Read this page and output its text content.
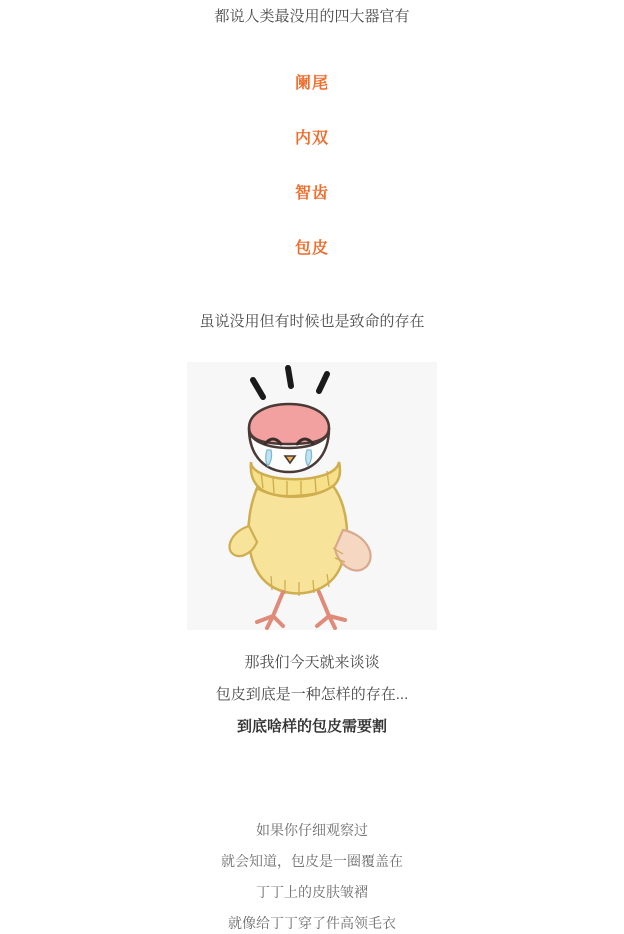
都说人类最没用的四大器官有
阑尾
内双
智齿
包皮
虽说没用但有时候也是致命的存在
那我们今天就来谈谈
包皮到底是一种怎样的存在...
到底啥样的包皮需要割
如果你仔细观察过
就会知道，包皮是一圈覆盖在
丁丁上的皮肤皱褶
就像给丁丁穿了件高领毛衣
